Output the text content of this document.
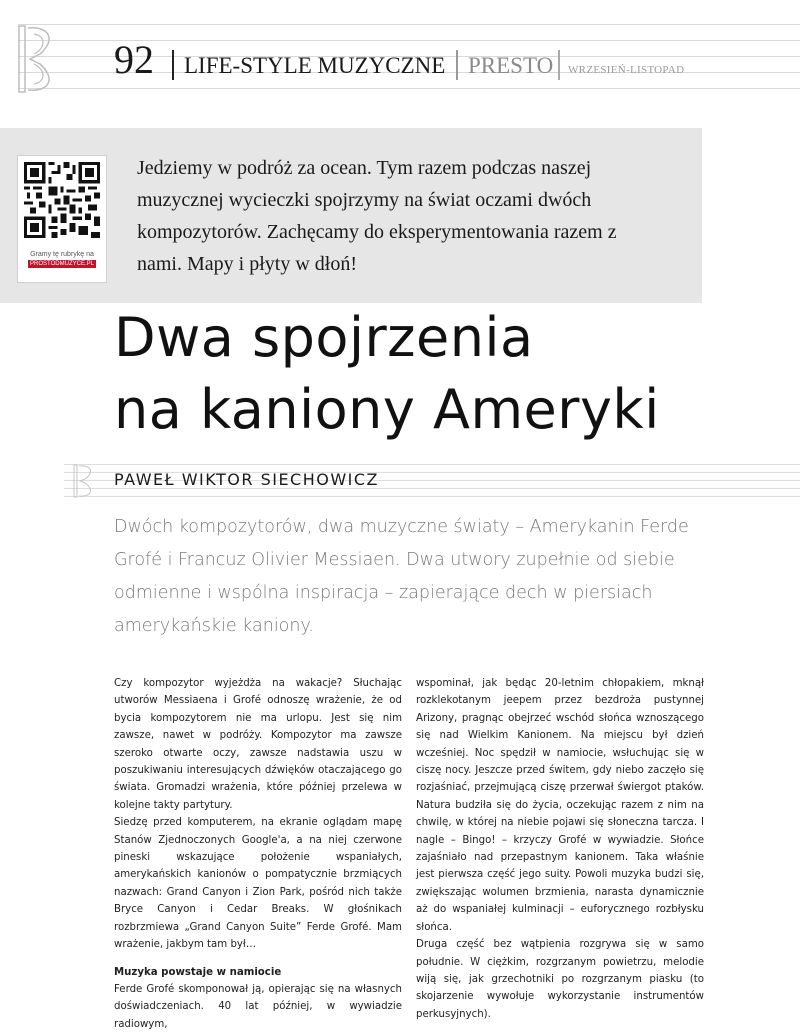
92 LIFE-STYLE MUZYCZNE PRESTO WRZESIEŃ-LISTOPAD
Gramy tę rubrykę na
PROSTODMUZYCE.PL
Jedziemy w podróż za ocean. Tym razem podczas naszej muzycznej wycieczki spojrzymy na świat oczami dwóch kompozytorów. Zachęcamy do eksperymentowania razem z nami. Mapy i płyty w dłoń!
Dwa spojrzenia
na kaniony Ameryki
PAWEŁ WIKTOR SIECHOWICZ
Dwóch kompozytorów, dwa muzyczne światy – Amerykanin Ferde Grofé i Francuz Olivier Messiaen. Dwa utwory zupełnie od siebie odmienne i wspólna inspiracja – zapierające dech w piersiach amerykańskie kaniony.

Czy kompozytor wyjeżdża na wakacje? Słuchając utworów Messiaena i Grofé odnoszę wrażenie, że od bycia kompozytorem nie ma urlopu. Jest się nim zawsze, nawet w podróży. Kompozytor ma zawsze szeroko otwarte oczy, zawsze nadstawia uszu w poszukiwaniu interesujących dźwięków otaczającego go świata. Gromadzi wrażenia, które później przelewa w kolejne takty partytury.

Siedzę przed komputerem, na ekranie oglądam mapę Stanów Zjednoczonych Google'a, a na niej czerwone pineski wskazujące położenie wspaniałych, amerykańskich kanionów o pompatycznie brzmiących nazwach: Grand Canyon i Zion Park, pośród nich także Bryce Canyon i Cedar Breaks. W głośnikach rozbrzmiewa „Grand Canyon Suite” Ferde Grofé. Mam wrażenie, jakbym tam był…

Muzyka powstaje w namiocie

Ferde Grofé skomponował ją, opierając się na własnych doświadczeniach. 40 lat później, w wywiadzie radiowym,

wspominał, jak będąc 20-letnim chłopakiem, mknął rozklekotanym jeepem przez bezdroża pustynnej Arizony, pragnąc obejrzeć wschód słońca wznoszącego się nad Wielkim Kanionem. Na miejscu był dzień wcześniej. Noc spędził w namiocie, wsłuchując się w ciszę nocy. Jeszcze przed świtem, gdy niebo zaczęło się rozjaśniać, przejmującą ciszę przerwał świergot ptaków. Natura budziła się do życia, oczekując razem z nim na chwilę, w której na niebie pojawi się słoneczna tarcza. I nagle – Bingo! – krzyczy Grofé w wywiadzie. Słońce zajaśniało nad przepastnym kanionem. Taka właśnie jest pierwsza część jego suity. Powoli muzyka budzi się, zwiększając wolumen brzmienia, narasta dynamicznie aż do wspaniałej kulminacji – euforycznego rozbłysku słońca.

Druga część bez wątpienia rozgrywa się w samo południe. W ciężkim, rozgrzanym powietrzu, melodie wiją się, jak grzechotniki po rozgrzanym piasku (to skojarzenie wywołuje wykorzystanie instrumentów perkusyjnych).
